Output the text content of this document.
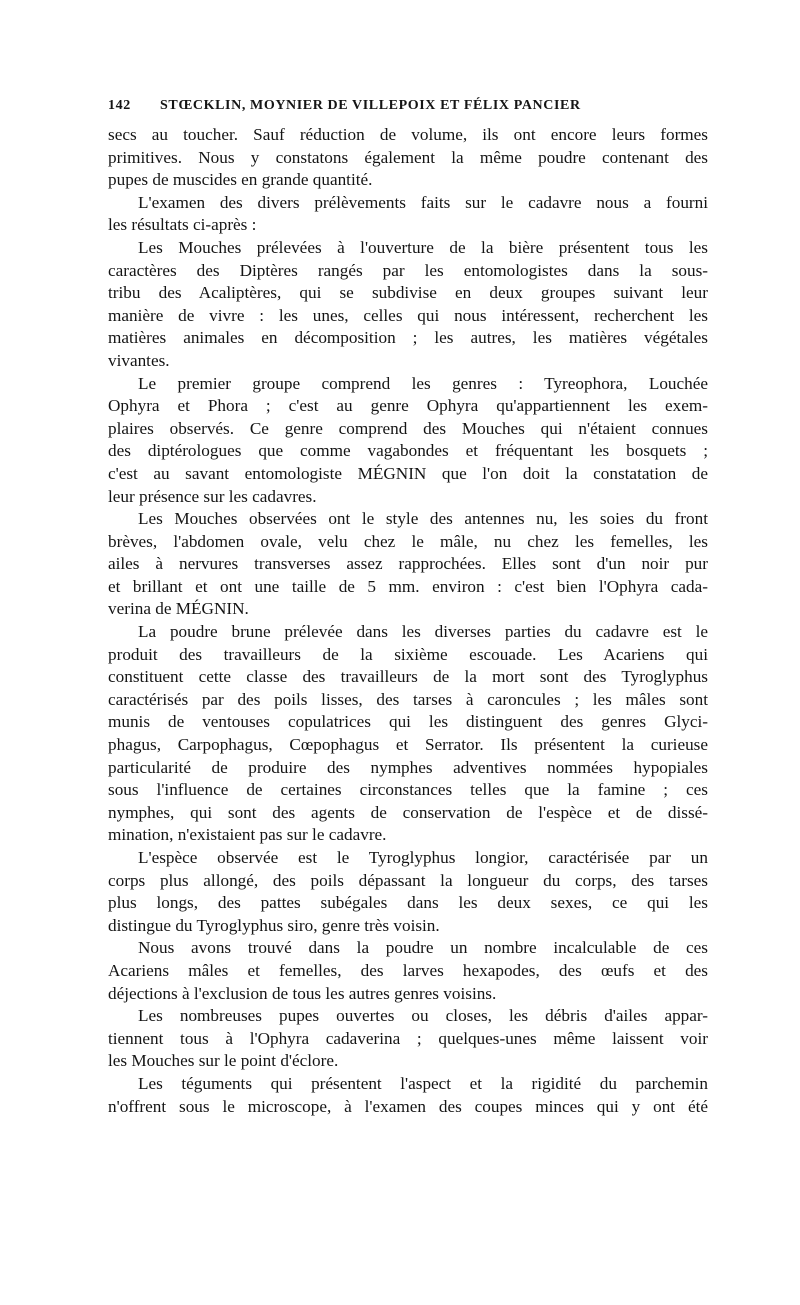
142 STŒCKLIN, MOYNIER DE VILLEPOIX ET FÉLIX PANCIER
secs au toucher. Sauf réduction de volume, ils ont encore leurs formes
primitives. Nous y constatons également la même poudre contenant des
pupes de muscides en grande quantité.
L'examen des divers prélèvements faits sur le cadavre nous a fourni
les résultats ci-après :
Les Mouches prélevées à l'ouverture de la bière présentent tous les
caractères des Diptères rangés par les entomologistes dans la sous-
tribu des Acaliptères, qui se subdivise en deux groupes suivant leur
manière de vivre : les unes, celles qui nous intéressent, recherchent les
matières animales en décomposition ; les autres, les matières végétales
vivantes.
Le premier groupe comprend les genres : Tyreophora, Louchée
Ophyra et Phora ; c'est au genre Ophyra qu'appartiennent les exem-
plaires observés. Ce genre comprend des Mouches qui n'étaient connues
des diptérologues que comme vagabondes et fréquentant les bosquets ;
c'est au savant entomologiste MÉGNIN que l'on doit la constatation de
leur présence sur les cadavres.
Les Mouches observées ont le style des antennes nu, les soies du front
brèves, l'abdomen ovale, velu chez le mâle, nu chez les femelles, les
ailes à nervures transverses assez rapprochées. Elles sont d'un noir pur
et brillant et ont une taille de 5 mm. environ : c'est bien l'Ophyra cada-
verina de MÉGNIN.
La poudre brune prélevée dans les diverses parties du cadavre est le
produit des travailleurs de la sixième escouade. Les Acariens qui
constituent cette classe des travailleurs de la mort sont des Tyroglyphus
caractérisés par des poils lisses, des tarses à caroncules ; les mâles sont
munis de ventouses copulatrices qui les distinguent des genres Glyci-
phagus, Carpophagus, Cœpophagus et Serrator. Ils présentent la curieuse
particularité de produire des nymphes adventives nommées hypopiales
sous l'influence de certaines circonstances telles que la famine ; ces
nymphes, qui sont des agents de conservation de l'espèce et de dissé-
mination, n'existaient pas sur le cadavre.
L'espèce observée est le Tyroglyphus longior, caractérisée par un
corps plus allongé, des poils dépassant la longueur du corps, des tarses
plus longs, des pattes subégales dans les deux sexes, ce qui les
distingue du Tyroglyphus siro, genre très voisin.
Nous avons trouvé dans la poudre un nombre incalculable de ces
Acariens mâles et femelles, des larves hexapodes, des œufs et des
déjections à l'exclusion de tous les autres genres voisins.
Les nombreuses pupes ouvertes ou closes, les débris d'ailes appar-
tiennent tous à l'Ophyra cadaverina ; quelques-unes même laissent voir
les Mouches sur le point d'éclore.
Les téguments qui présentent l'aspect et la rigidité du parchemin
n'offrent sous le microscope, à l'examen des coupes minces qui y ont été
